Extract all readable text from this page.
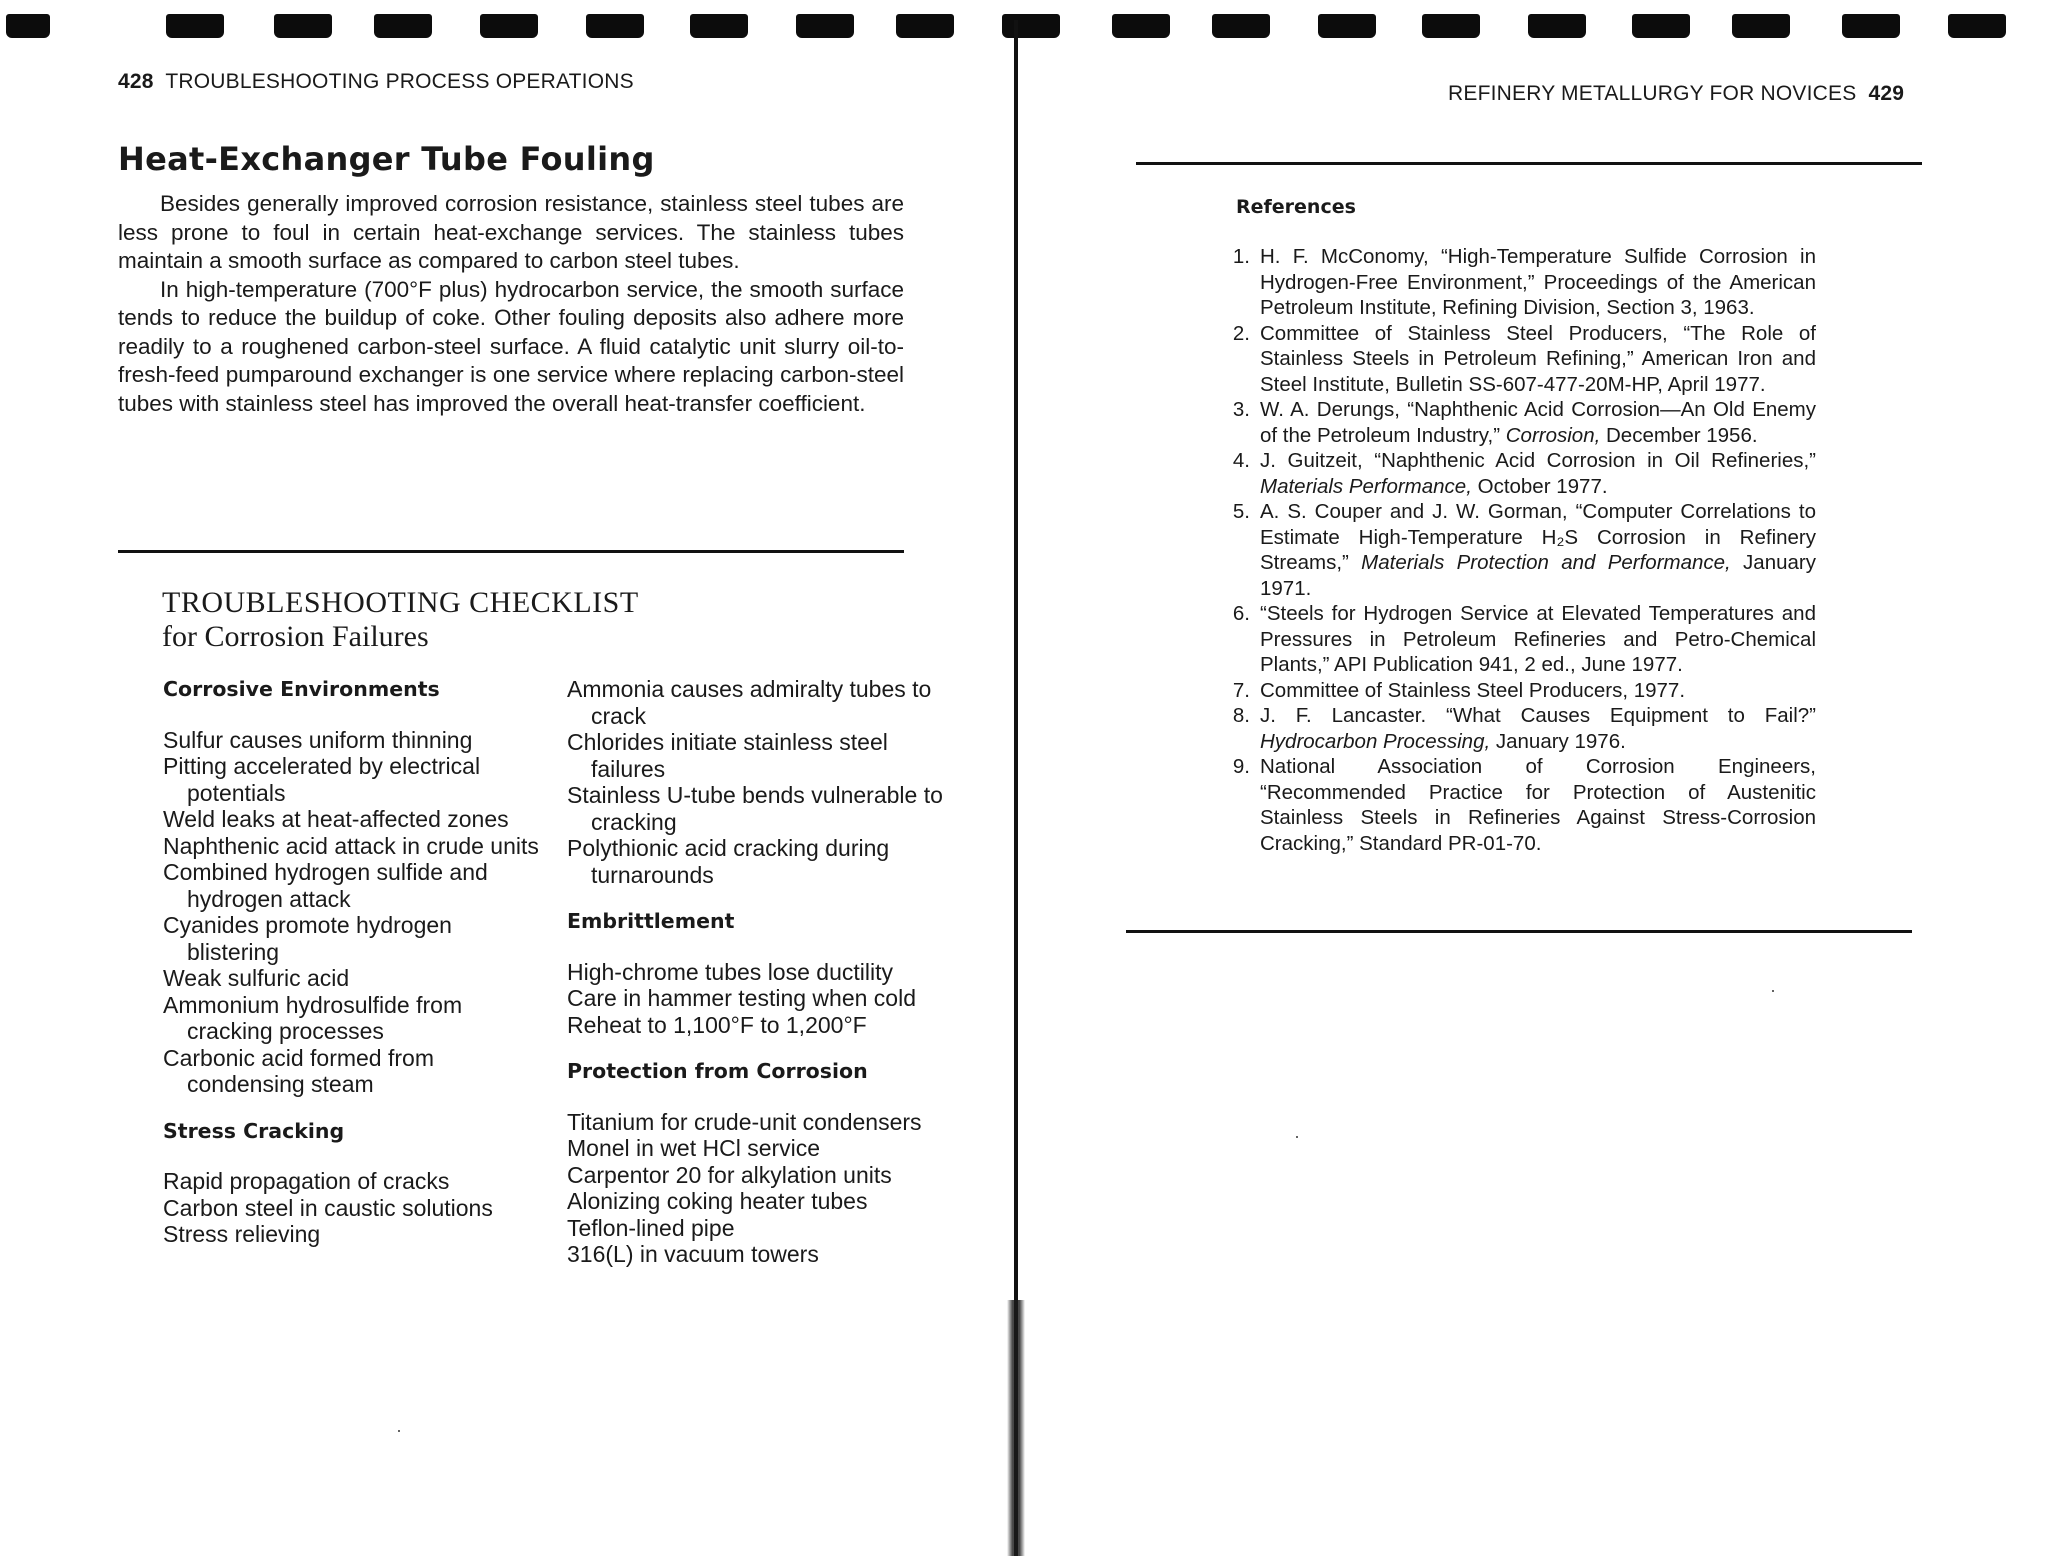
428 TROUBLESHOOTING PROCESS OPERATIONS
Heat-Exchanger Tube Fouling

Besides generally improved corrosion resistance, stainless steel tubes are less prone to foul in certain heat-exchange services. The stainless tubes maintain a smooth surface as compared to carbon steel tubes.

In high-temperature (700°F plus) hydrocarbon service, the smooth surface tends to reduce the buildup of coke. Other fouling deposits also adhere more readily to a roughened carbon-steel surface. A fluid catalytic unit slurry oil-to-fresh-feed pumparound exchanger is one service where replacing carbon-steel tubes with stainless steel has improved the overall heat-transfer coefficient.

TROUBLESHOOTING CHECKLIST
for Corrosion Failures
Corrosive Environments
Sulfur causes uniform thinning
Pitting accelerated by electrical potentials
Weld leaks at heat-affected zones
Naphthenic acid attack in crude units
Combined hydrogen sulfide and hydrogen attack
Cyanides promote hydrogen blistering
Weak sulfuric acid
Ammonium hydrosulfide from cracking processes
Carbonic acid formed from condensing steam
Stress Cracking
Rapid propagation of cracks
Carbon steel in caustic solutions
Stress relieving
Ammonia causes admiralty tubes to crack
Chlorides initiate stainless steel failures
Stainless U-tube bends vulnerable to cracking
Polythionic acid cracking during turnarounds
Embrittlement
High-chrome tubes lose ductility
Care in hammer testing when cold
Reheat to 1,100°F to 1,200°F
Protection from Corrosion
Titanium for crude-unit condensers
Monel in wet HCl service
Carpentor 20 for alkylation units
Alonizing coking heater tubes
Teflon-lined pipe
316(L) in vacuum towers
REFINERY METALLURGY FOR NOVICES 429
References
1. H. F. McConomy, “High-Temperature Sulfide Corrosion in Hydrogen-Free Environment,” Proceedings of the American Petroleum Institute, Refining Division, Section 3, 1963.
2. Committee of Stainless Steel Producers, “The Role of Stainless Steels in Petroleum Refining,” American Iron and Steel Institute, Bulletin SS-607-477-20M-HP, April 1977.
3. W. A. Derungs, “Naphthenic Acid Corrosion—An Old Enemy of the Petroleum Industry,” Corrosion, December 1956.
4. J. Guitzeit, “Naphthenic Acid Corrosion in Oil Refineries,” Materials Performance, October 1977.
5. A. S. Couper and J. W. Gorman, “Computer Correlations to Estimate High-Temperature H₂S Corrosion in Refinery Streams,” Materials Protection and Performance, January 1971.
6. “Steels for Hydrogen Service at Elevated Temperatures and Pressures in Petroleum Refineries and Petro-Chemical Plants,” API Publication 941, 2 ed., June 1977.
7. Committee of Stainless Steel Producers, 1977.
8. J. F. Lancaster. “What Causes Equipment to Fail?” Hydrocarbon Processing, January 1976.
9. National Association of Corrosion Engineers, “Recommended Practice for Protection of Austenitic Stainless Steels in Refineries Against Stress-Corrosion Cracking,” Standard PR-01-70.
